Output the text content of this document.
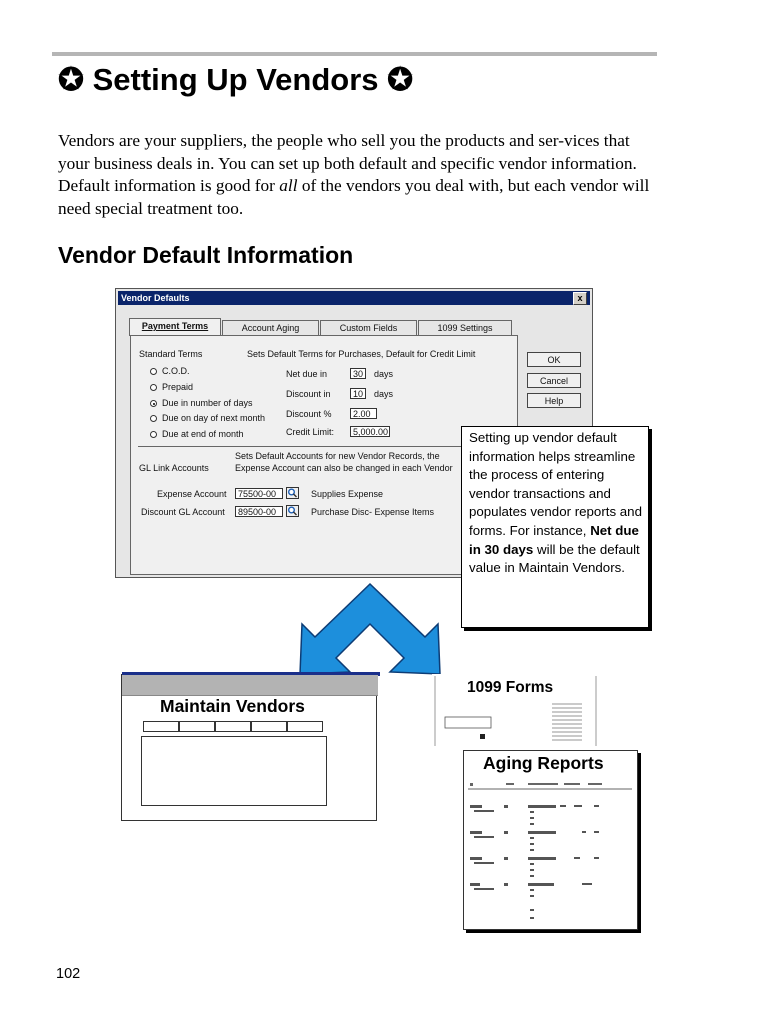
✪ Setting Up Vendors ✪

Vendors are your suppliers, the people who sell you the products and ser-vices that your business deals in. You can set up both default and specific vendor information. Default information is good for all of the vendors you deal with, but each vendor will need special treatment too.

Vendor Default Information
Vendor Defaults	x
Payment Terms	Account Aging	Custom Fields	1099 Settings
Standard Terms	Sets Default Terms for Purchases, Default for Credit Limit
C.O.D.
Prepaid
Due in number of days
Due on day of next month
Due at end of month
Net due in	30	days
Discount in	10	days
Discount %	2.00
Credit Limit:	5,000.00
Sets Default Accounts for new Vendor Records, the
GL Link Accounts	Expense Account can also be changed in each Vendor
Expense Account	75500-00	Supplies Expense
Discount GL Account	89500-00	Purchase Disc- Expense Items
OK
Cancel
Help
Setting up vendor default information helps streamline the process of entering vendor transactions and populates vendor reports and forms. For instance, Net due in 30 days will be the default value in Maintain Vendors.
Maintain Vendors
1099 Forms
Aging Reports
102
